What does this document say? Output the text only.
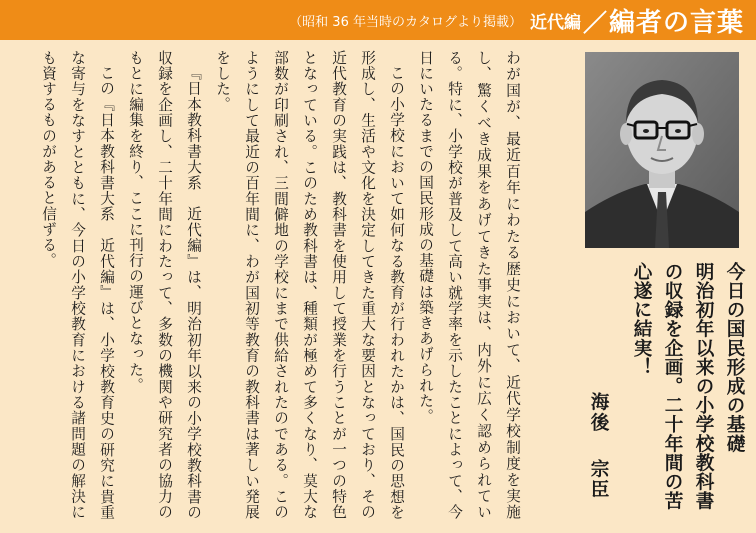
（昭和 36 年当時のカタログより掲載） 近代編 ／ 編者の言葉

わが国が、最近百年にわたる歴史において、近代学校制度を実施し、驚くべき成果をあげてきた事実は、内外に広く認められている。特に、小学校が普及して高い就学率を示したことによって、今日にいたるまでの国民形成の基礎は築きあげられた。

この小学校において如何なる教育が行われたかは、国民の思想を形成し、生活や文化を決定してきた重大な要因となっており、その近代教育の実践は、教科書を使用して授業を行うことが一つの特色となっている。このため教科書は、種類が極めて多くなり、莫大な部数が印刷され、三間僻地の学校にまで供給されたのである。このようにして最近の百年間に、わが国初等教育の教科書は著しい発展をした。

『日本教科書大系　近代編』は、明治初年以来の小学校教科書の収録を企画し、二十年間にわたって、多数の機関や研究者の協力のもとに編集を終り、ここに刊行の運びとなった。

この『日本教科書大系　近代編』は、小学校教育史の研究に貴重な寄与をなすとともに、今日の小学校教育における諸問題の解決にも資するものがあると信ずる。

今日の国民形成の基礎
明治初年以来の小学校教科書
の収録を企画。二十年間の苦
心遂に結実！
海後宗臣
